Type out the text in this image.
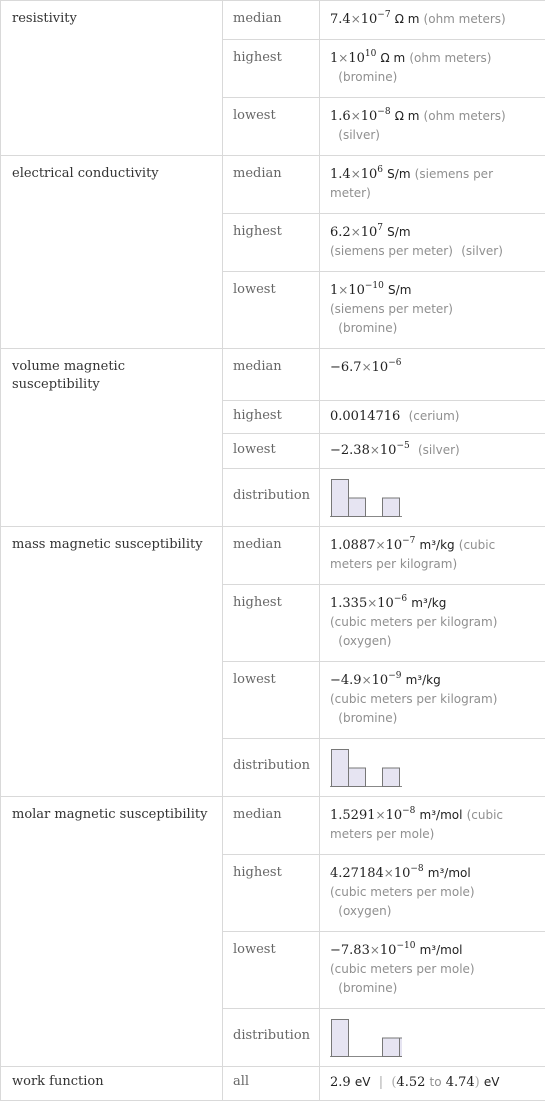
resistivity	median	$7.4\times 10^{-7}$ Ω m (ohm meters)
	highest	$1\times 10^{10}$ Ω m (ohm meters)
(bromine)
	lowest	$1.6\times 10^{-8}$ Ω m (ohm meters)
(silver)
electrical conductivity	median	$1.4\times 10^6$ S/m (siemens per meter)
	highest	$6.2\times 10^7$ S/m
(siemens per meter) (silver)
	lowest	$1\times 10^{-10}$ S/m
(siemens per meter)
(bromine)
volume magnetic susceptibility	median	$-6.7\times 10^{-6}$
	highest	0.0014716 (cerium)
	lowest	$-2.38\times 10^{-5}$ (silver)
	distribution	

mass magnetic susceptibility	median	$1.0887\times 10^{-7}$ m³/kg (cubic meters per kilogram)
	highest	$1.335\times 10^{-6}$ m³/kg
(cubic meters per kilogram)
(oxygen)
	lowest	$-4.9\times 10^{-9}$ m³/kg
(cubic meters per kilogram)
(bromine)
	distribution	

molar magnetic susceptibility	median	$1.5291\times 10^{-8}$ m³/mol (cubic meters per mole)
	highest	$4.27184\times 10^{-8}$ m³/mol
(cubic meters per mole)
(oxygen)
	lowest	$-7.83\times 10^{-10}$ m³/mol
(cubic meters per mole)
(bromine)
	distribution	

work function	all	2.9 eV | (4.52 to 4.74) eV
